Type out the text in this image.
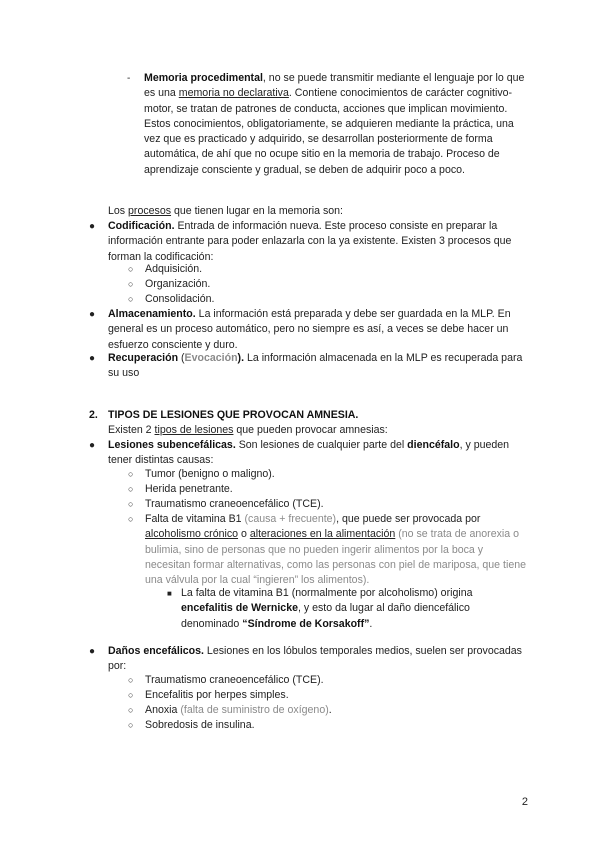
- Memoria procedimental, no se puede transmitir mediante el lenguaje por lo que es una memoria no declarativa. Contiene conocimientos de carácter cognitivo-motor, se tratan de patrones de conducta, acciones que implican movimiento. Estos conocimientos, obligatoriamente, se adquieren mediante la práctica, una vez que es practicado y adquirido, se desarrollan posteriormente de forma automática, de ahí que no ocupe sitio en la memoria de trabajo. Proceso de aprendizaje consciente y gradual, se deben de adquirir poco a poco.

Los procesos que tienen lugar en la memoria son:

● Codificación. Entrada de información nueva. Este proceso consiste en preparar la información entrante para poder enlazarla con la ya existente. Existen 3 procesos que forman la codificación:

○ Adquisición.

○ Organización.

○ Consolidación.

● Almacenamiento. La información está preparada y debe ser guardada en la MLP. En general es un proceso automático, pero no siempre es así, a veces se debe hacer un esfuerzo consciente y duro.

● Recuperación (Evocación). La información almacenada en la MLP es recuperada para su uso

2. TIPOS DE LESIONES QUE PROVOCAN AMNESIA.

Existen 2 tipos de lesiones que pueden provocar amnesias:

● Lesiones subencefálicas. Son lesiones de cualquier parte del diencéfalo, y pueden tener distintas causas:

○ Tumor (benigno o maligno).

○ Herida penetrante.

○ Traumatismo craneoencefálico (TCE).

○ Falta de vitamina B1 (causa + frecuente), que puede ser provocada por alcoholismo crónico o alteraciones en la alimentación (no se trata de anorexia o bulimia, sino de personas que no pueden ingerir alimentos por la boca y necesitan formar alternativas, como las personas con piel de mariposa, que tiene una válvula por la cual “ingieren” los alimentos).

■ La falta de vitamina B1 (normalmente por alcoholismo) origina encefalitis de Wernicke, y esto da lugar al daño diencefálico denominado “Síndrome de Korsakoff”.

● Daños encefálicos. Lesiones en los lóbulos temporales medios, suelen ser provocadas por:

○ Traumatismo craneoencefálico (TCE).

○ Encefalitis por herpes simples.

○ Anoxia (falta de suministro de oxígeno).

○ Sobredosis de insulina.

2
